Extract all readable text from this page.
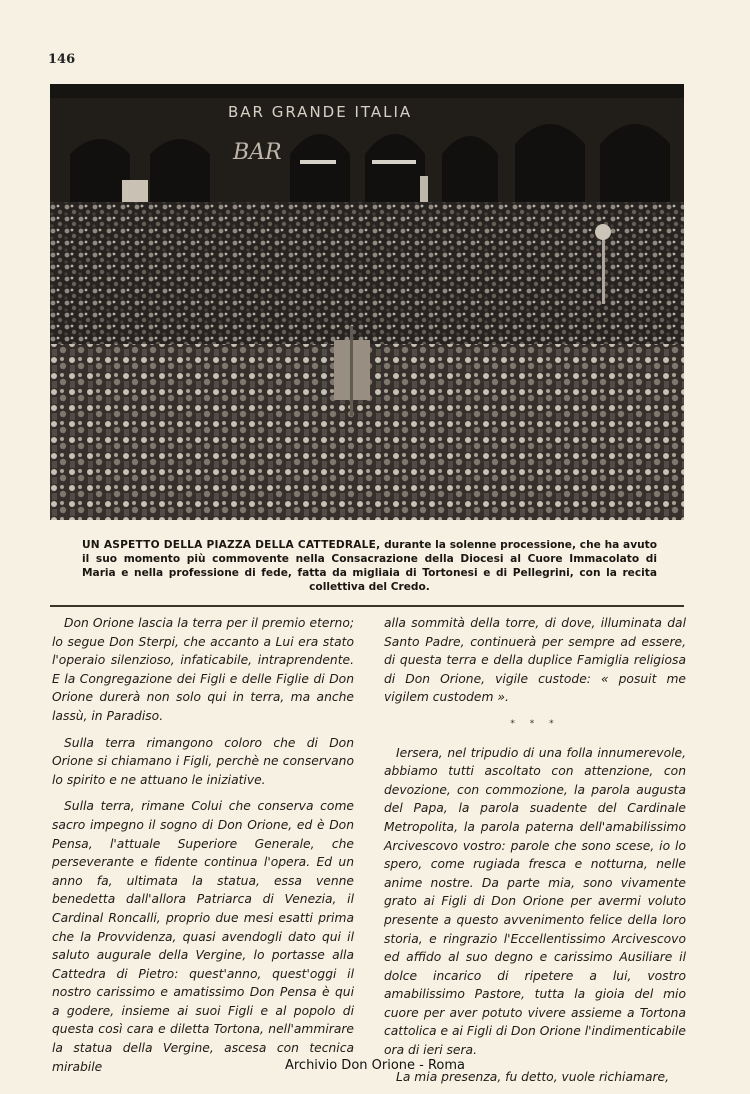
146
BAR GRANDE ITALIA
BAR
UN ASPETTO DELLA PIAZZA DELLA CATTEDRALE, durante la solenne processione, che ha avuto il suo momento più commovente nella Consacrazione della Diocesi al Cuore Immacolato di Maria e nella professione di fede, fatta da migliaia di Tortonesi e di Pellegrini, con la recita collettiva del Credo.

Don Orione lascia la terra per il premio eterno; lo segue Don Sterpi, che accanto a Lui era stato l'operaio silenzioso, infaticabile, intraprendente. E la Congregazione dei Figli e delle Figlie di Don Orione durerà non solo qui in terra, ma anche lassù, in Paradiso.

Sulla terra rimangono coloro che di Don Orione si chiamano i Figli, perchè ne conservano lo spirito e ne attuano le iniziative.

Sulla terra, rimane Colui che conserva come sacro impegno il sogno di Don Orione, ed è Don Pensa, l'attuale Superiore Generale, che perseverante e fidente continua l'opera. Ed un anno fa, ultimata la statua, essa venne benedetta dall'allora Patriarca di Venezia, il Cardinal Roncalli, proprio due mesi esatti prima che la Provvidenza, quasi avendogli dato qui il saluto augurale della Vergine, lo portasse alla Cattedra di Pietro: quest'anno, quest'oggi il nostro carissimo e amatissimo Don Pensa è qui a godere, insieme ai suoi Figli e al popolo di questa così cara e diletta Tortona, nell'ammirare la statua della Vergine, ascesa con tecnica mirabile

alla sommità della torre, di dove, illuminata dal Santo Padre, continuerà per sempre ad essere, di questa terra e della duplice Famiglia religiosa di Don Orione, vigile custode: « posuit me vigilem custodem ».

* * *

Iersera, nel tripudio di una folla innumerevole, abbiamo tutti ascoltato con attenzione, con devozione, con commozione, la parola augusta del Papa, la parola suadente del Cardinale Metropolita, la parola paterna dell'amabilissimo Arcivescovo vostro: parole che sono scese, io lo spero, come rugiada fresca e notturna, nelle anime nostre. Da parte mia, sono vivamente grato ai Figli di Don Orione per avermi voluto presente a questo avvenimento felice della loro storia, e ringrazio l'Eccellentissimo Arcivescovo ed affido al suo degno e carissimo Ausiliare il dolce incarico di ripetere a lui, vostro amabilissimo Pastore, tutta la gioia del mio cuore per aver potuto vivere assieme a Tortona cattolica e ai Figli di Don Orione l'indimenticabile ora di ieri sera.

La mia presenza, fu detto, vuole richiamare,

Archivio Don Orione - Roma
